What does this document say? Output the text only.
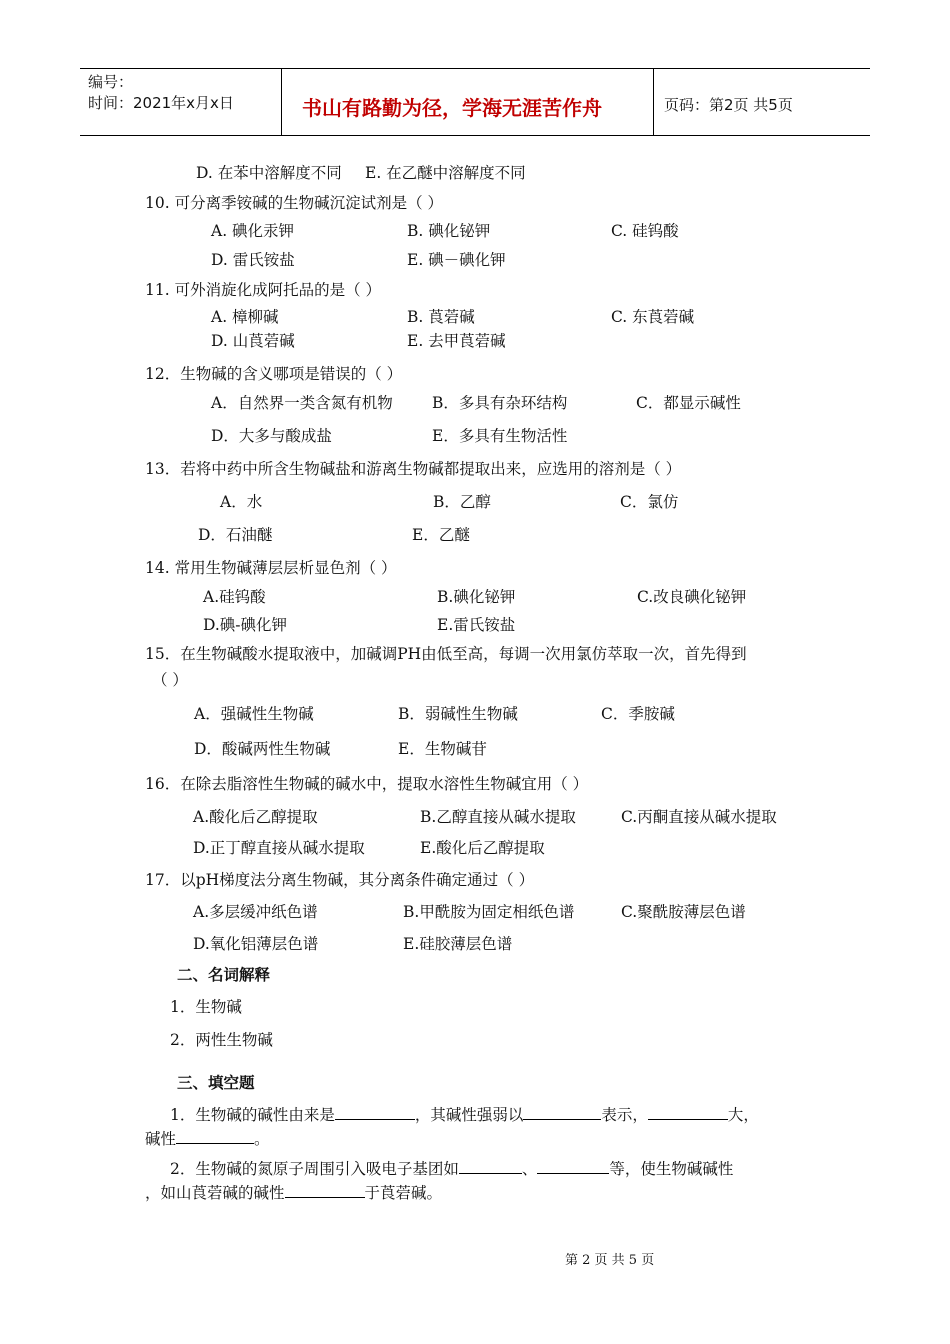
编号：
时间：2021年x月x日	书山有路勤为径，学海无涯苦作舟	页码：第2页 共5页
D. 在苯中溶解度不同 E. 在乙醚中溶解度不同
10. 可分离季铵碱的生物碱沉淀试剂是（ ）
A. 碘化汞钾	B. 碘化铋钾	C. 硅钨酸
D. 雷氏铵盐	E. 碘－碘化钾
11. 可外消旋化成阿托品的是（ ）
A. 樟柳碱	B. 莨菪碱	C. 东莨菪碱
D. 山莨菪碱	E. 去甲莨菪碱
12．生物碱的含义哪项是错误的（ ）
A．自然界一类含氮有机物	B．多具有杂环结构	C．都显示碱性
D．大多与酸成盐	E．多具有生物活性
13．若将中药中所含生物碱盐和游离生物碱都提取出来，应选用的溶剂是（ ）
A．水	B．乙醇	C．氯仿
D．石油醚	E．乙醚
14. 常用生物碱薄层层析显色剂（ ）
A.硅钨酸	B.碘化铋钾	C.改良碘化铋钾
D.碘-碘化钾	E.雷氏铵盐
15．在生物碱酸水提取液中，加碱调PH由低至高，每调一次用氯仿萃取一次，首先得到
（ ）
A．强碱性生物碱	B．弱碱性生物碱	C．季胺碱
D．酸碱两性生物碱	E．生物碱苷
16．在除去脂溶性生物碱的碱水中，提取水溶性生物碱宜用（ ）
A.酸化后乙醇提取	B.乙醇直接从碱水提取	C.丙酮直接从碱水提取
D.正丁醇直接从碱水提取	E.酸化后乙醇提取
17．以pH梯度法分离生物碱，其分离条件确定通过（ ）
A.多层缓冲纸色谱	B.甲酰胺为固定相纸色谱	C.聚酰胺薄层色谱
D.氧化铝薄层色谱	E.硅胶薄层色谱
二、名词解释
1．生物碱
2．两性生物碱
三、填空题
1．生物碱的碱性由来是	，其碱性强弱以	表示，	大，
碱性	。
2．生物碱的氮原子周围引入吸电子基团如	、	等，使生物碱碱性
，如山莨菪碱的碱性	于莨菪碱。
第 2 页 共 5 页
